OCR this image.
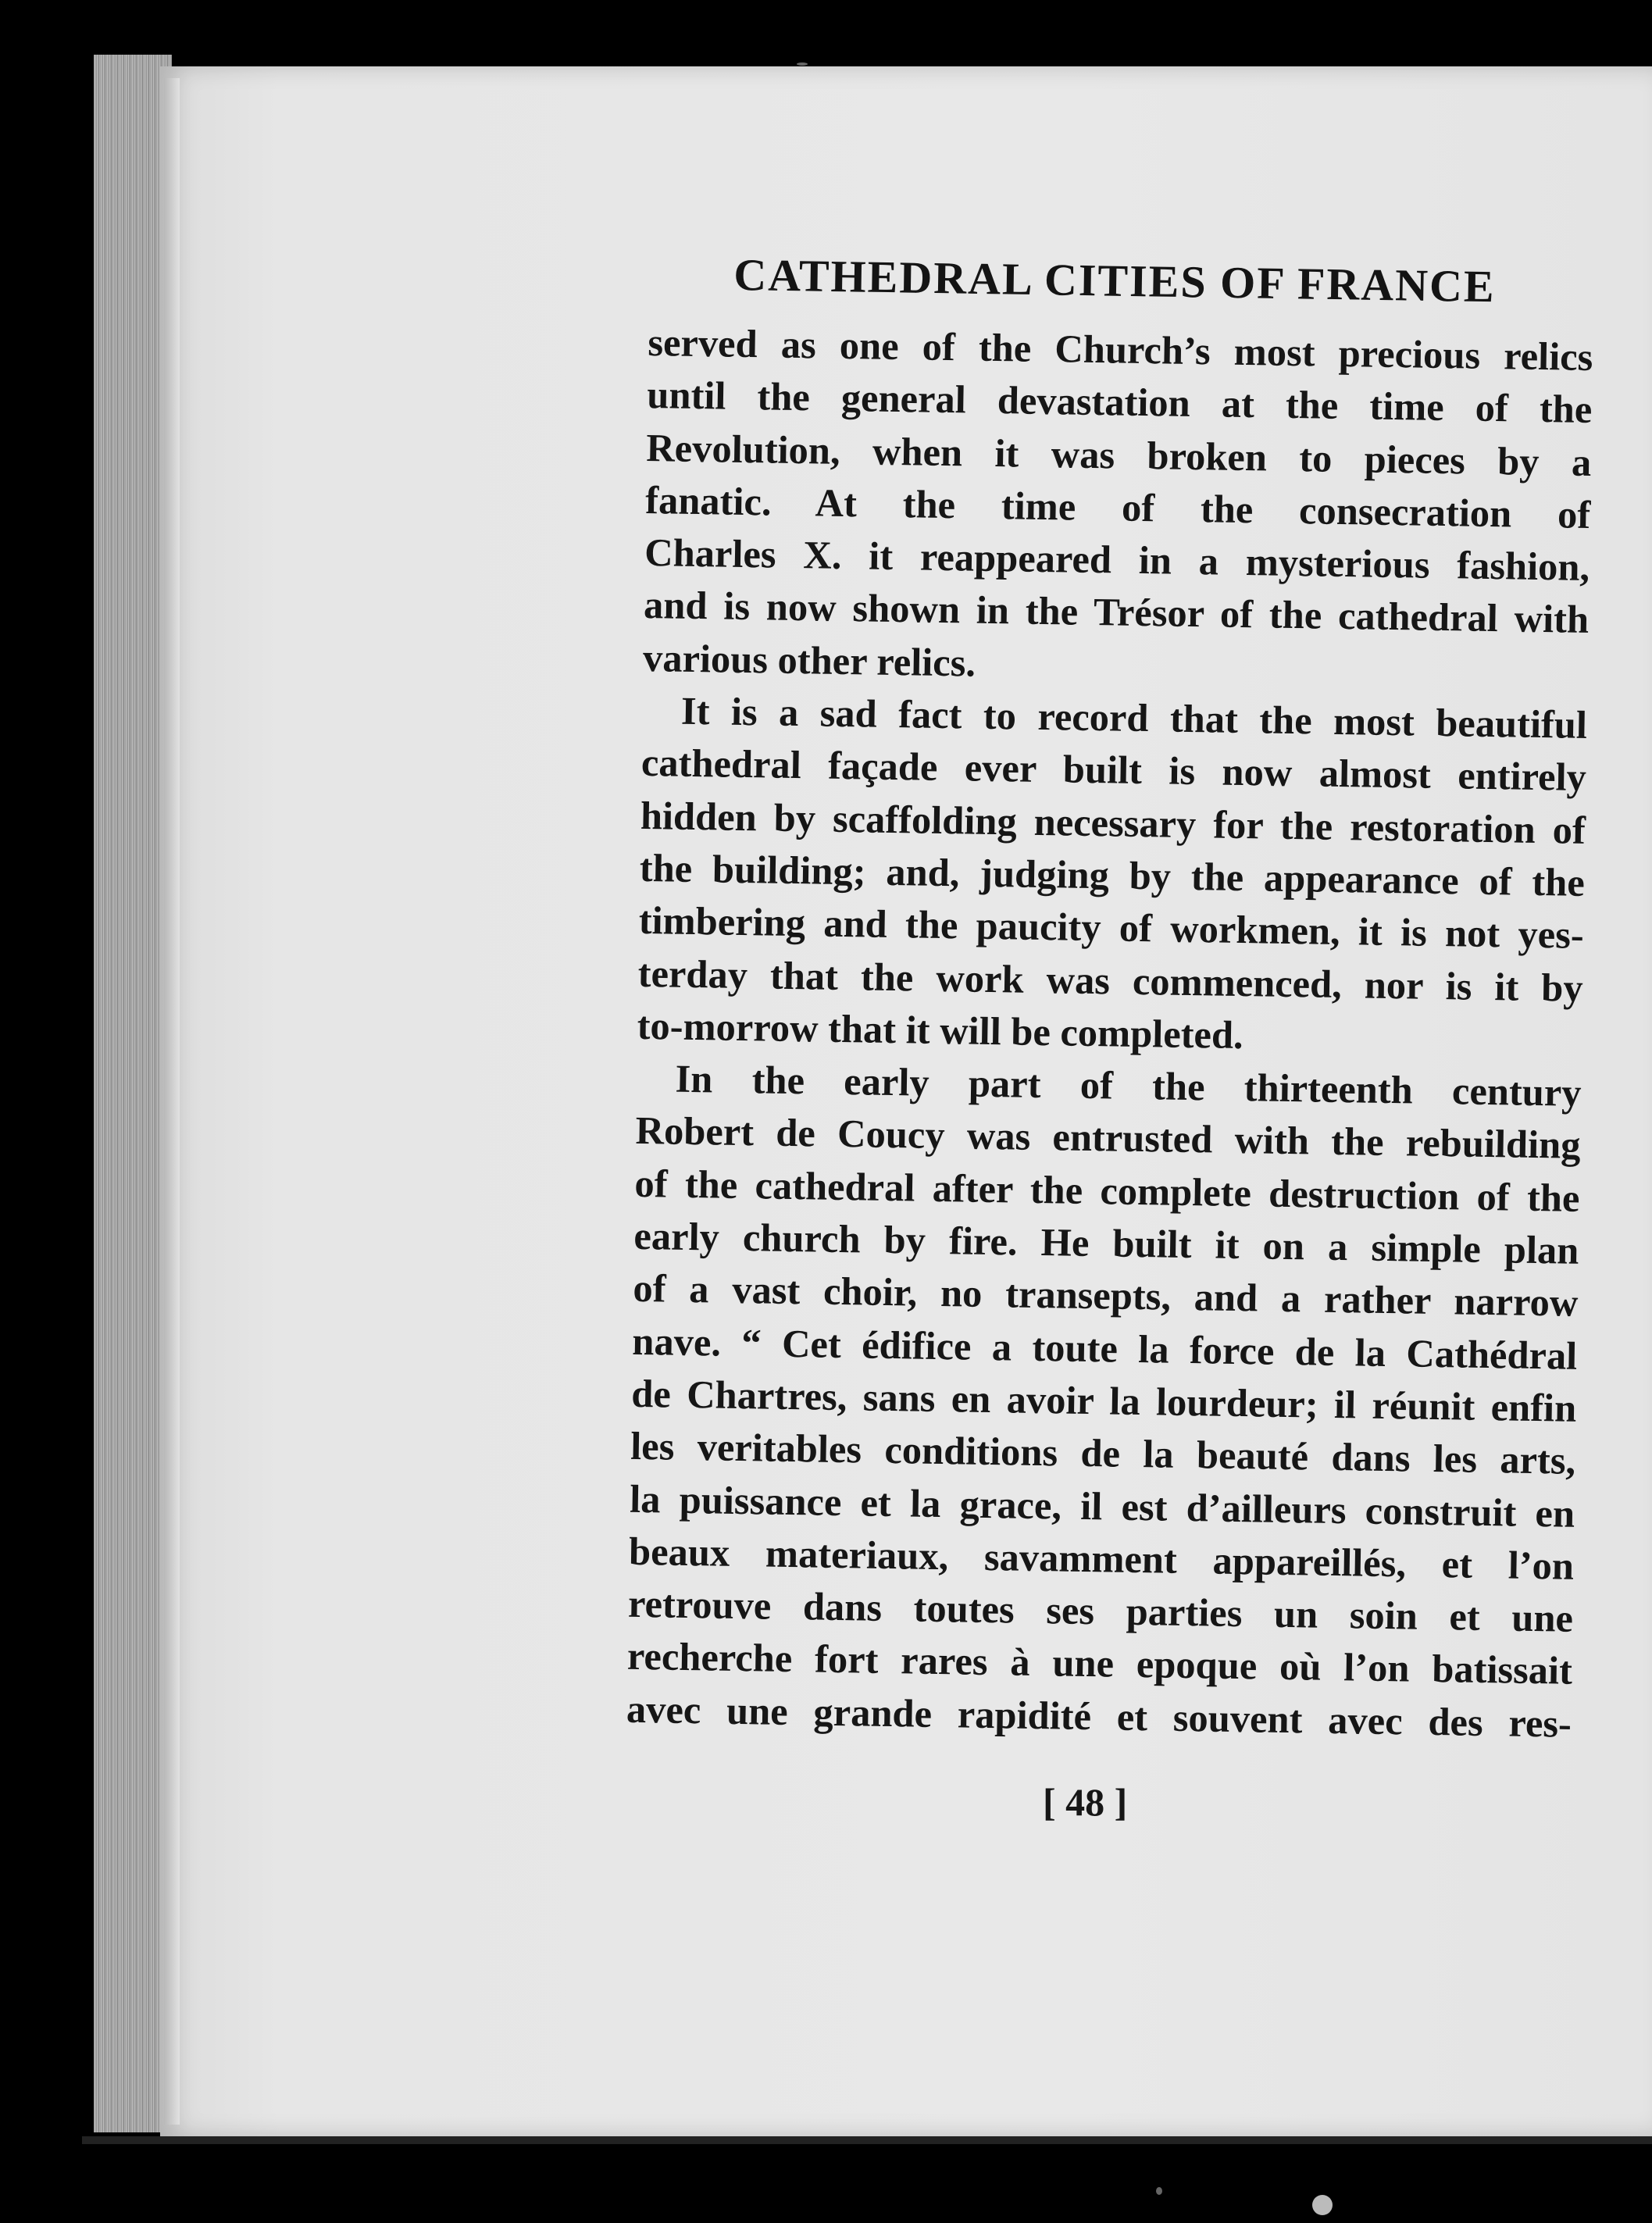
CATHEDRAL CITIES OF FRANCE
served as one of the Church’s most precious relics
until the general devastation at the time of the
Revolution, when it was broken to pieces by a
fanatic. At the time of the consecration of
Charles X. it reappeared in a mysterious fashion,
and is now shown in the Trésor of the cathedral with
various other relics.
It is a sad fact to record that the most beautiful
cathedral façade ever built is now almost entirely
hidden by scaffolding necessary for the restoration of
the building; and, judging by the appearance of the
timbering and the paucity of workmen, it is not yes-
terday that the work was commenced, nor is it by
to-morrow that it will be completed.
In the early part of the thirteenth century
Robert de Coucy was entrusted with the rebuilding
of the cathedral after the complete destruction of the
early church by fire. He built it on a simple plan
of a vast choir, no transepts, and a rather narrow
nave. “ Cet édifice a toute la force de la Cathédral
de Chartres, sans en avoir la lourdeur; il réunit enfin
les veritables conditions de la beauté dans les arts,
la puissance et la grace, il est d’ailleurs construit en
beaux materiaux, savamment appareillés, et l’on
retrouve dans toutes ses parties un soin et une
recherche fort rares à une epoque où l’on batissait
avec une grande rapidité et souvent avec des res-
[ 48 ]
